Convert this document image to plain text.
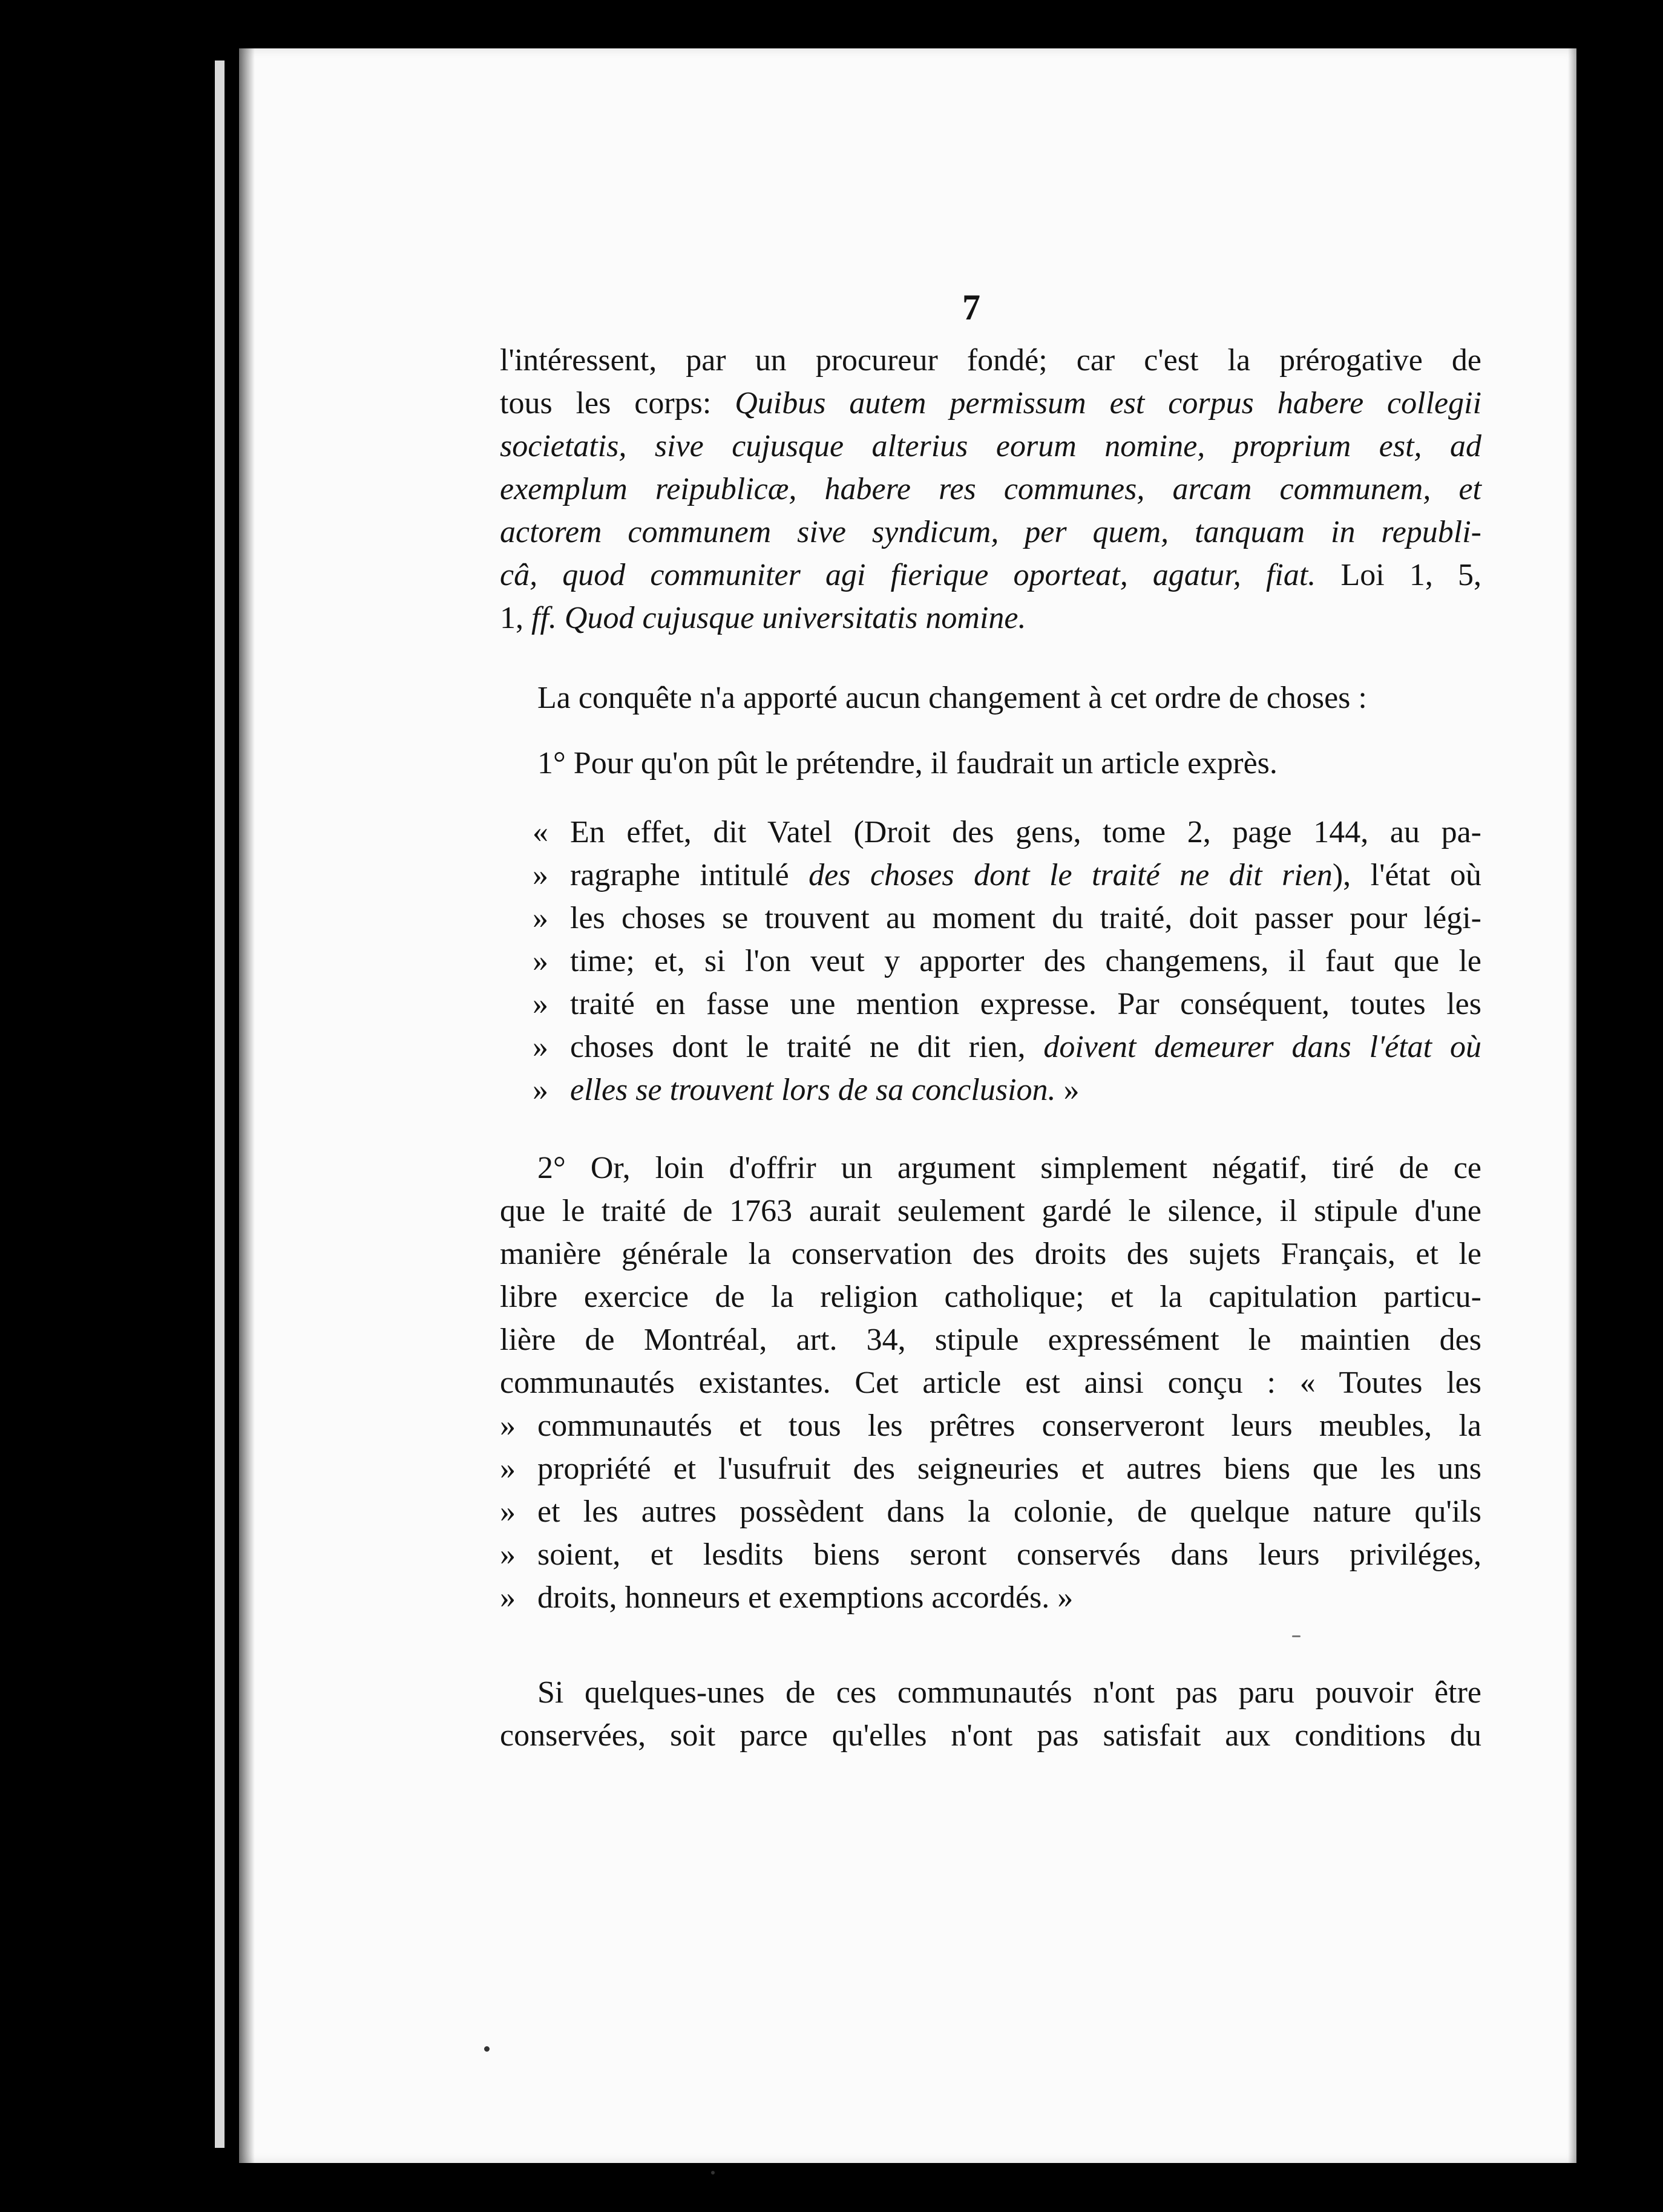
7
l'intéressent, par un procureur fondé; car c'est la prérogative de
tous les corps: Quibus autem permissum est corpus habere collegii
societatis, sive cujusque alterius eorum nomine, proprium est, ad
exemplum reipublicæ, habere res communes, arcam communem, et
actorem communem sive syndicum, per quem, tanquam in republi-
câ, quod communiter agi fierique oporteat, agatur, fiat. Loi 1, 5,
1, ff. Quod cujusque universitatis nomine.
La conquête n'a apporté aucun changement à cet ordre de choses :
1° Pour qu'on pût le prétendre, il faudrait un article exprès.
« En effet, dit Vatel (Droit des gens, tome 2, page 144, au pa-
» ragraphe intitulé des choses dont le traité ne dit rien), l'état où
» les choses se trouvent au moment du traité, doit passer pour légi-
» time; et, si l'on veut y apporter des changemens, il faut que le
» traité en fasse une mention expresse. Par conséquent, toutes les
» choses dont le traité ne dit rien, doivent demeurer dans l'état où
» elles se trouvent lors de sa conclusion. »
2° Or, loin d'offrir un argument simplement négatif, tiré de ce
que le traité de 1763 aurait seulement gardé le silence, il stipule d'une
manière générale la conservation des droits des sujets Français, et le
libre exercice de la religion catholique; et la capitulation particu-
lière de Montréal, art. 34, stipule expressément le maintien des
communautés existantes. Cet article est ainsi conçu : « Toutes les
» communautés et tous les prêtres conserveront leurs meubles, la
» propriété et l'usufruit des seigneuries et autres biens que les uns
» et les autres possèdent dans la colonie, de quelque nature qu'ils
» soient, et lesdits biens seront conservés dans leurs priviléges,
» droits, honneurs et exemptions accordés. »
Si quelques-unes de ces communautés n'ont pas paru pouvoir être
conservées, soit parce qu'elles n'ont pas satisfait aux conditions du
